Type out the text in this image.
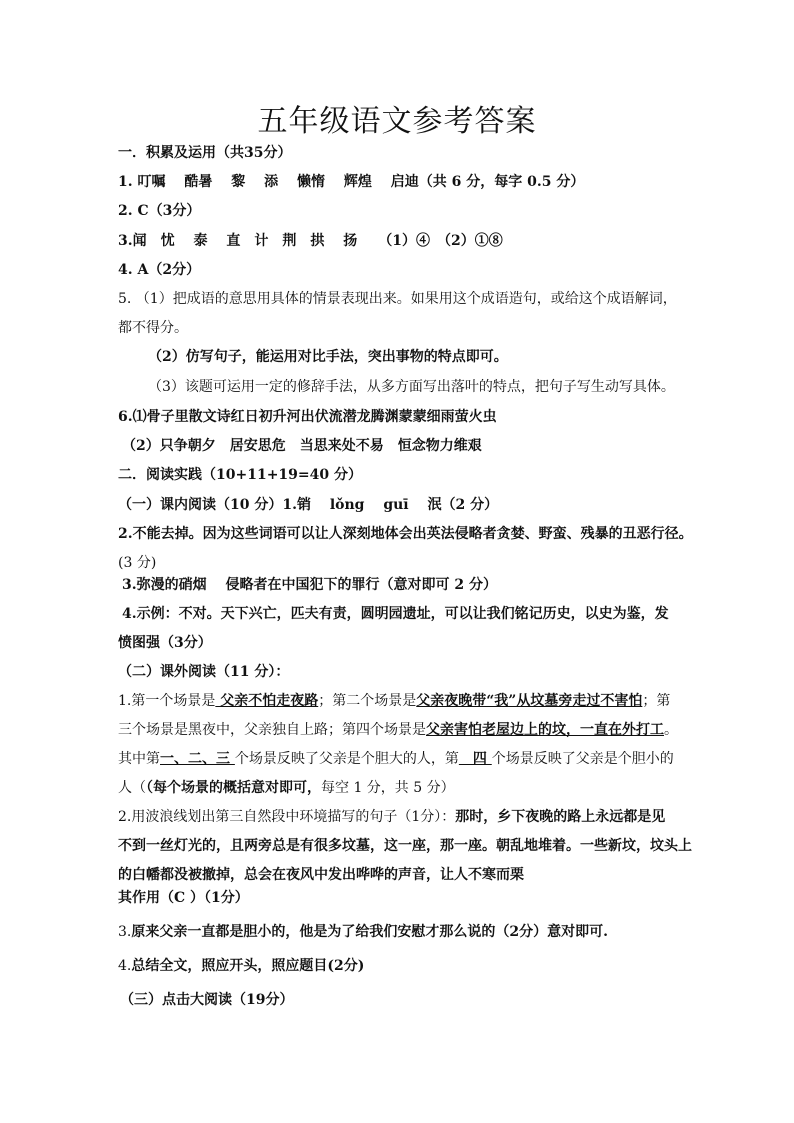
五年级语文参考答案
一．积累及运用（共35分）
1. 叮嘱　 酷暑　 黎　 添　 懒惰　 辉煌　 启迪（共 6 分，每字 0.5 分）
2. C（3分）
3.闻　忧　 泰　 直　计　荆　拱　 扬　　（1）④　（2）①⑧
4. A（2分）
5. （1）把成语的意思用具体的情景表现出来。如果用这个成语造句，或给这个成语解词，
都不得分。
（2）仿写句子，能运用对比手法，突出事物的特点即可。
（3）该题可运用一定的修辞手法，从多方面写出落叶的特点，把句子写生动写具体。
6.⑴骨子里散文诗红日初升河出伏流潜龙腾渊蒙蒙细雨萤火虫
（2）只争朝夕　居安思危　当思来处不易　恒念物力维艰
二．阅读实践（10+11+19=40 分）
（一）课内阅读（10 分）1.销　 lǒng　 guī　 泯（2 分）
2.不能去掉。因为这些词语可以让人深刻地体会出英法侵略者贪婪、野蛮、残暴的丑恶行径。
(3 分)
3.弥漫的硝烟　 侵略者在中国犯下的罪行（意对即可 2 分）
4.示例：不对。天下兴亡，匹夫有责，圆明园遗址，可以让我们铭记历史，以史为鉴，发
愤图强（3分）
（二）课外阅读（11 分）：
1.第一个场景是 父亲不怕走夜路；第二个场景是父亲夜晚带“我”从坟墓旁走过不害怕；第
三个场景是黑夜中，父亲独自上路；第四个场景是父亲害怕老屋边上的坟，一直在外打工。
其中第一、二、三 个场景反映了父亲是个胆大的人，第　四 个场景反映了父亲是个胆小的
人（（每个场景的概括意对即可，每空 1 分，共 5 分）
2.用波浪线划出第三自然段中环境描写的句子（1分）：那时，乡下夜晚的路上永远都是见
不到一丝灯光的，且两旁总是有很多坟墓，这一座，那一座。朝乱地堆着。一些新坟，坟头上
的白幡都没被撤掉，总会在夜风中发出哗哗的声音，让人不寒而栗
其作用（C ）（1分）
3.原来父亲一直都是胆小的，他是为了给我们安慰才那么说的（2分）意对即可.
4.总结全文，照应开头，照应题目(2分)
（三）点击大阅读（19分）
